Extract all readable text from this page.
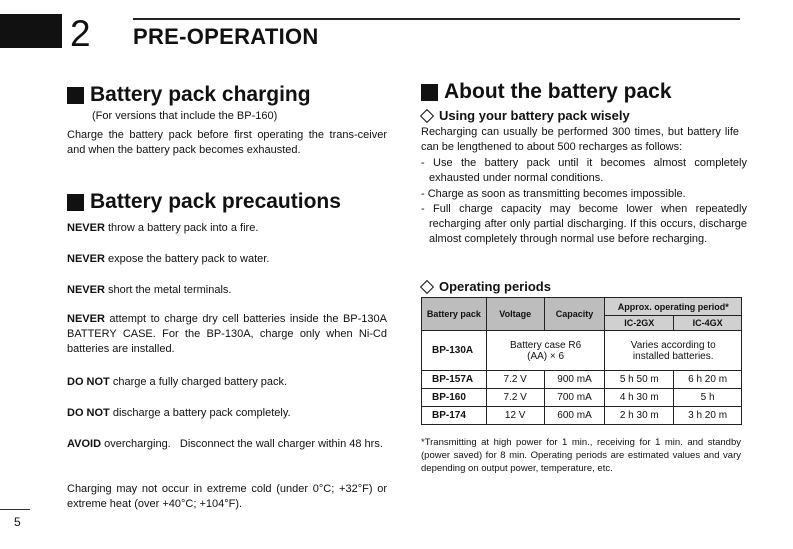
2 PRE-OPERATION
Battery pack charging
(For versions that include the BP-160)
Charge the battery pack before first operating the trans-ceiver and when the battery pack becomes exhausted.
Battery pack precautions
NEVER throw a battery pack into a fire.
NEVER expose the battery pack to water.
NEVER short the metal terminals.
NEVER attempt to charge dry cell batteries inside the BP-130A BATTERY CASE. For the BP-130A, charge only when Ni-Cd batteries are installed.
DO NOT charge a fully charged battery pack.
DO NOT discharge a battery pack completely.
AVOID overcharging.   Disconnect the wall charger within 48 hrs.
Charging may not occur in extreme cold (under 0°C; +32°F) or extreme heat (over +40°C; +104°F).
About the battery pack
Using your battery pack wisely
Recharging can usually be performed 300 times, but battery life can be lengthened to about 500 recharges as follows:
- Use the battery pack until it becomes almost completely exhausted under normal conditions.
- Charge as soon as transmitting becomes impossible.
- Full charge capacity may become lower when repeatedly recharging after only partial discharging. If this occurs, discharge almost completely through normal use before recharging.
Operating periods
Battery pack	Voltage	Capacity	Approx. operating period*	
			IC-2GX	IC-4GX
BP-130A	Battery case R6 (AA) × 6		Varies according to installed batteries.	
BP-157A	7.2 V	900 mA	5 h 50 m	6 h 20 m
BP-160	7.2 V	700 mA	4 h 30 m	5 h
BP-174	12 V	600 mA	2 h 30 m	3 h 20 m
*Transmitting at high power for 1 min., receiving for 1 min. and standby (power saved) for 8 min. Operating periods are estimated values and vary depending on output power, temperature, etc.
5
